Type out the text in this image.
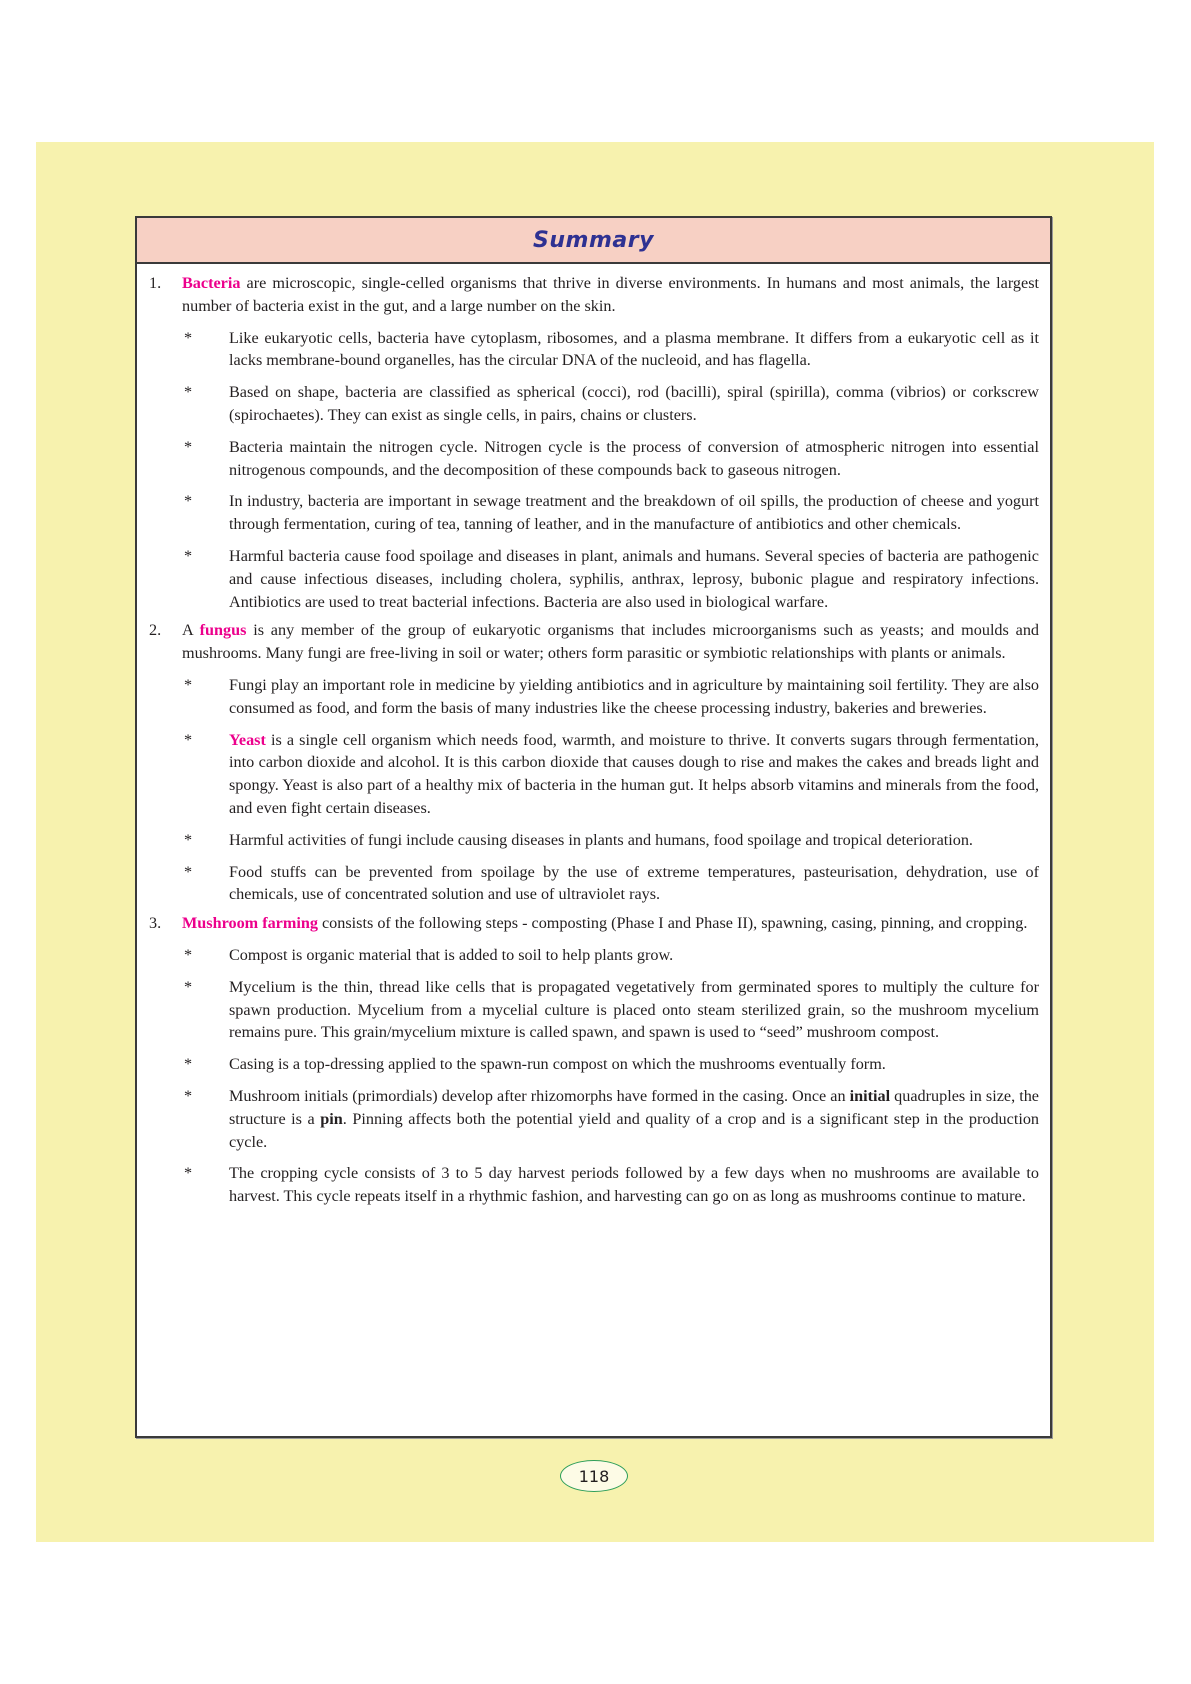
Summary
1.	Bacteria are microscopic, single-celled organisms that thrive in diverse environments. In humans and most animals, the largest number of bacteria exist in the gut, and a large number on the skin.
*	Like eukaryotic cells, bacteria have cytoplasm, ribosomes, and a plasma membrane. It differs from a eukaryotic cell as it lacks membrane-bound organelles, has the circular DNA of the nucleoid, and has flagella.
*	Based on shape, bacteria are classified as spherical (cocci), rod (bacilli), spiral (spirilla), comma (vibrios) or corkscrew (spirochaetes). They can exist as single cells, in pairs, chains or clusters.
*	Bacteria maintain the nitrogen cycle. Nitrogen cycle is the process of conversion of atmospheric nitrogen into essential nitrogenous compounds, and the decomposition of these compounds back to gaseous nitrogen.
*	In industry, bacteria are important in sewage treatment and the breakdown of oil spills, the production of cheese and yogurt through fermentation, curing of tea, tanning of leather, and in the manufacture of antibiotics and other chemicals.
*	Harmful bacteria cause food spoilage and diseases in plant, animals and humans. Several species of bacteria are pathogenic and cause infectious diseases, including cholera, syphilis, anthrax, leprosy, bubonic plague and respiratory infections. Antibiotics are used to treat bacterial infections. Bacteria are also used in biological warfare.
2.	A fungus is any member of the group of eukaryotic organisms that includes microorganisms such as yeasts; and moulds and mushrooms. Many fungi are free-living in soil or water; others form parasitic or symbiotic relationships with plants or animals.
*	Fungi play an important role in medicine by yielding antibiotics and in agriculture by maintaining soil fertility. They are also consumed as food, and form the basis of many industries like the cheese processing industry, bakeries and breweries.
*	Yeast is a single cell organism which needs food, warmth, and moisture to thrive. It converts sugars through fermentation, into carbon dioxide and alcohol. It is this carbon dioxide that causes dough to rise and makes the cakes and breads light and spongy. Yeast is also part of a healthy mix of bacteria in the human gut. It helps absorb vitamins and minerals from the food, and even fight certain diseases.
*	Harmful activities of fungi include causing diseases in plants and humans, food spoilage and tropical deterioration.
*	Food stuffs can be prevented from spoilage by the use of extreme temperatures, pasteurisation, dehydration, use of chemicals, use of concentrated solution and use of ultraviolet rays.
3.	Mushroom farming consists of the following steps - composting (Phase I and Phase II), spawning, casing, pinning, and cropping.
*	Compost is organic material that is added to soil to help plants grow.
*	Mycelium is the thin, thread like cells that is propagated vegetatively from germinated spores to multiply the culture for spawn production. Mycelium from a mycelial culture is placed onto steam sterilized grain, so the mushroom mycelium remains pure. This grain/mycelium mixture is called spawn, and spawn is used to “seed” mushroom compost.
*	Casing is a top-dressing applied to the spawn-run compost on which the mushrooms eventually form.
*	Mushroom initials (primordials) develop after rhizomorphs have formed in the casing. Once an initial quadruples in size, the structure is a pin. Pinning affects both the potential yield and quality of a crop and is a significant step in the production cycle.
*	The cropping cycle consists of 3 to 5 day harvest periods followed by a few days when no mushrooms are available to harvest. This cycle repeats itself in a rhythmic fashion, and harvesting can go on as long as mushrooms continue to mature.
118
